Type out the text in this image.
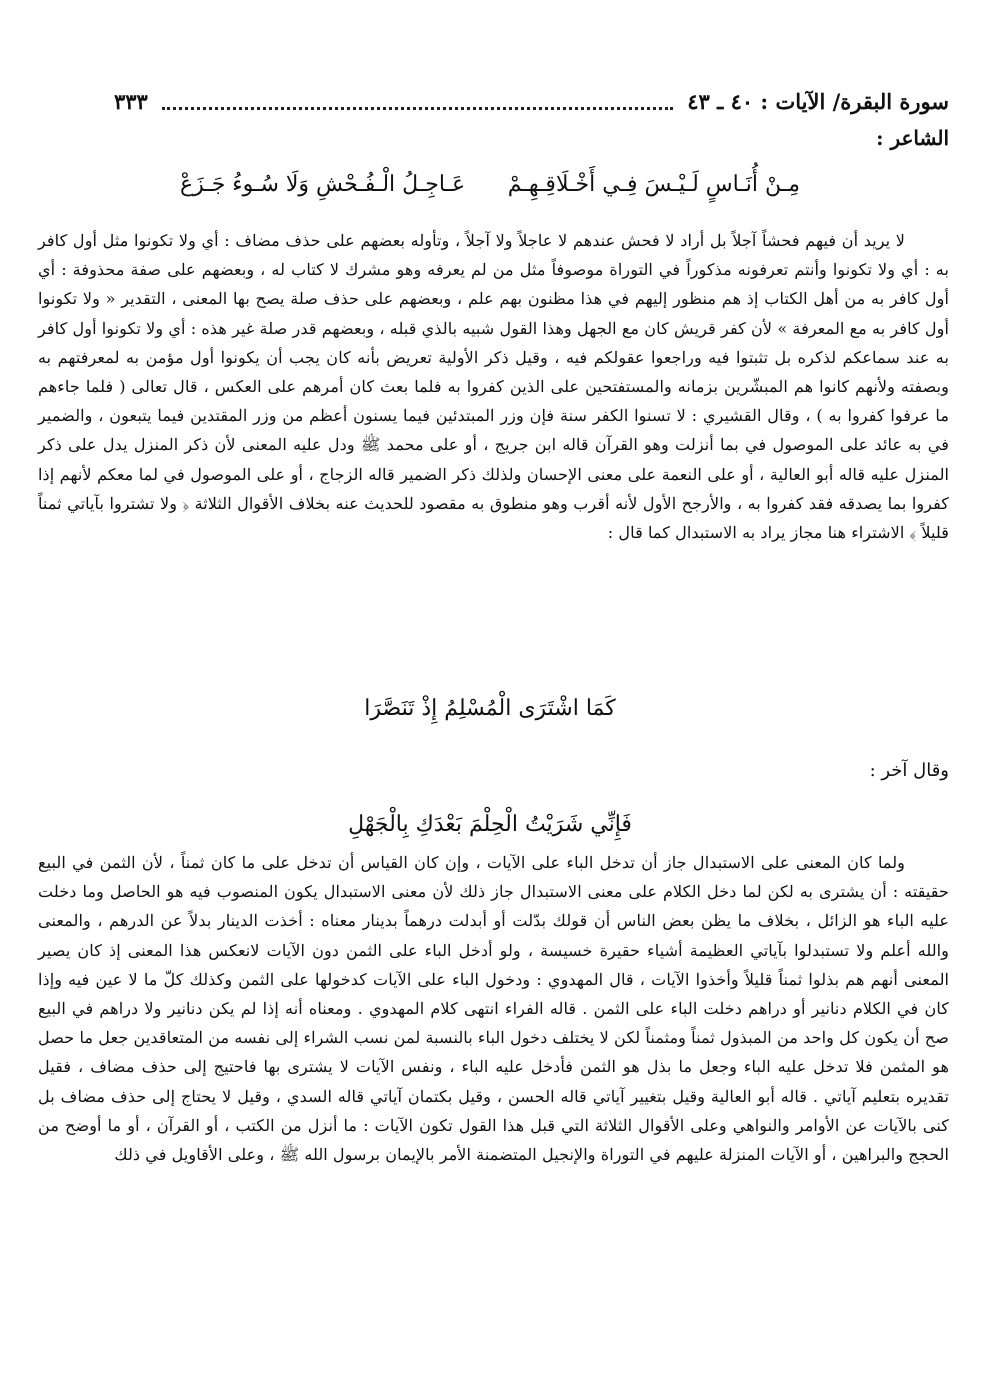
سورة البقرة/ الآيات : ٤٠ ـ ٤٣
٣٣٣
الشاعر :
مِـنْ أُنَـاسٍ لَـيْـسَ فِـي أَخْـلَاقِـهِـمْ
عَـاجِـلُ الْـفُـحْشِ وَلَا سُـوءُ جَـزَعْ

لا يريد أن فيهم فحشاً آجلاً بل أراد لا فحش عندهم لا عاجلاً ولا آجلاً ، وتأوله بعضهم على حذف مضاف : أي ولا تكونوا مثل أول كافر به : أي ولا تكونوا وأنتم تعرفونه مذكوراً في التوراة موصوفاً مثل من لم يعرفه وهو مشرك لا كتاب له ، وبعضهم على صفة محذوفة : أي أول كافر به من أهل الكتاب إذ هم منظور إليهم في هذا مظنون بهم علم ، وبعضهم على حذف صلة يصح بها المعنى ، التقدير « ولا تكونوا أول كافر به مع المعرفة » لأن كفر قريش كان مع الجهل وهذا القول شبيه بالذي قبله ، وبعضهم قدر صلة غير هذه : أي ولا تكونوا أول كافر به عند سماعكم لذكره بل تثبتوا فيه وراجعوا عقولكم فيه ، وقيل ذكر الأولية تعريض بأنه كان يجب أن يكونوا أول مؤمن به لمعرفتهم به وبصفته ولأنهم كانوا هم المبشّرين بزمانه والمستفتحين على الذين كفروا به فلما بعث كان أمرهم على العكس ، قال تعالى ( فلما جاءهم ما عرفوا كفروا به ) ، وقال القشيري : لا تسنوا الكفر سنة فإن وزر المبتدئين فيما يسنون أعظم من وزر المقتدين فيما يتبعون ، والضمير في به عائد على الموصول في بما أنزلت وهو القرآن قاله ابن جريج ، أو على محمد ﷺ ودل عليه المعنى لأن ذكر المنزل يدل على ذكر المنزل عليه قاله أبو العالية ، أو على النعمة على معنى الإحسان ولذلك ذكر الضمير قاله الزجاج ، أو على الموصول في لما معكم لأنهم إذا كفروا بما يصدقه فقد كفروا به ، والأرجح الأول لأنه أقرب وهو منطوق به مقصود للحديث عنه بخلاف الأقوال الثلاثة ﴿ ولا تشتروا بآياتي ثمناً قليلاً ﴾ الاشتراء هنا مجاز يراد به الاستبدال كما قال :

كَمَا اشْتَرَى الْمُسْلِمُ إِذْ تَنَصَّرَا
وقال آخر :
فَإِنِّي شَرَيْتُ الْحِلْمَ بَعْدَكِ بِالْجَهْلِ

ولما كان المعنى على الاستبدال جاز أن تدخل الباء على الآيات ، وإن كان القياس أن تدخل على ما كان ثمناً ، لأن الثمن في البيع حقيقته : أن يشترى به لكن لما دخل الكلام على معنى الاستبدال جاز ذلك لأن معنى الاستبدال يكون المنصوب فيه هو الحاصل وما دخلت عليه الباء هو الزائل ، بخلاف ما يظن بعض الناس أن قولك بدّلت أو أبدلت درهماً بدينار معناه : أخذت الدينار بدلاً عن الدرهم ، والمعنى والله أعلم ولا تستبدلوا بآياتي العظيمة أشياء حقيرة خسيسة ، ولو أدخل الباء على الثمن دون الآيات لانعكس هذا المعنى إذ كان يصير المعنى أنهم هم بذلوا ثمناً قليلاً وأخذوا الآيات ، قال المهدوي : ودخول الباء على الآيات كدخولها على الثمن وكذلك كلّ ما لا عين فيه وإذا كان في الكلام دنانير أو دراهم دخلت الباء على الثمن . قاله الفراء انتهى كلام المهدوي . ومعناه أنه إذا لم يكن دنانير ولا دراهم في البيع صح أن يكون كل واحد من المبذول ثمناً ومثمناً لكن لا يختلف دخول الباء بالنسبة لمن نسب الشراء إلى نفسه من المتعاقدين جعل ما حصل هو المثمن فلا تدخل عليه الباء وجعل ما بذل هو الثمن فأدخل عليه الباء ، ونفس الآيات لا يشترى بها فاحتيج إلى حذف مضاف ، فقيل تقديره بتعليم آياتي . قاله أبو العالية وقيل بتغيير آياتي قاله الحسن ، وقيل بكتمان آياتي قاله السدي ، وقيل لا يحتاج إلى حذف مضاف بل كنى بالآيات عن الأوامر والنواهي وعلى الأقوال الثلاثة التي قبل هذا القول تكون الآيات : ما أنزل من الكتب ، أو القرآن ، أو ما أوضح من الحجج والبراهين ، أو الآيات المنزلة عليهم في التوراة والإنجيل المتضمنة الأمر بالإيمان برسول الله ﷺ ، وعلى الأقاويل في ذلك
